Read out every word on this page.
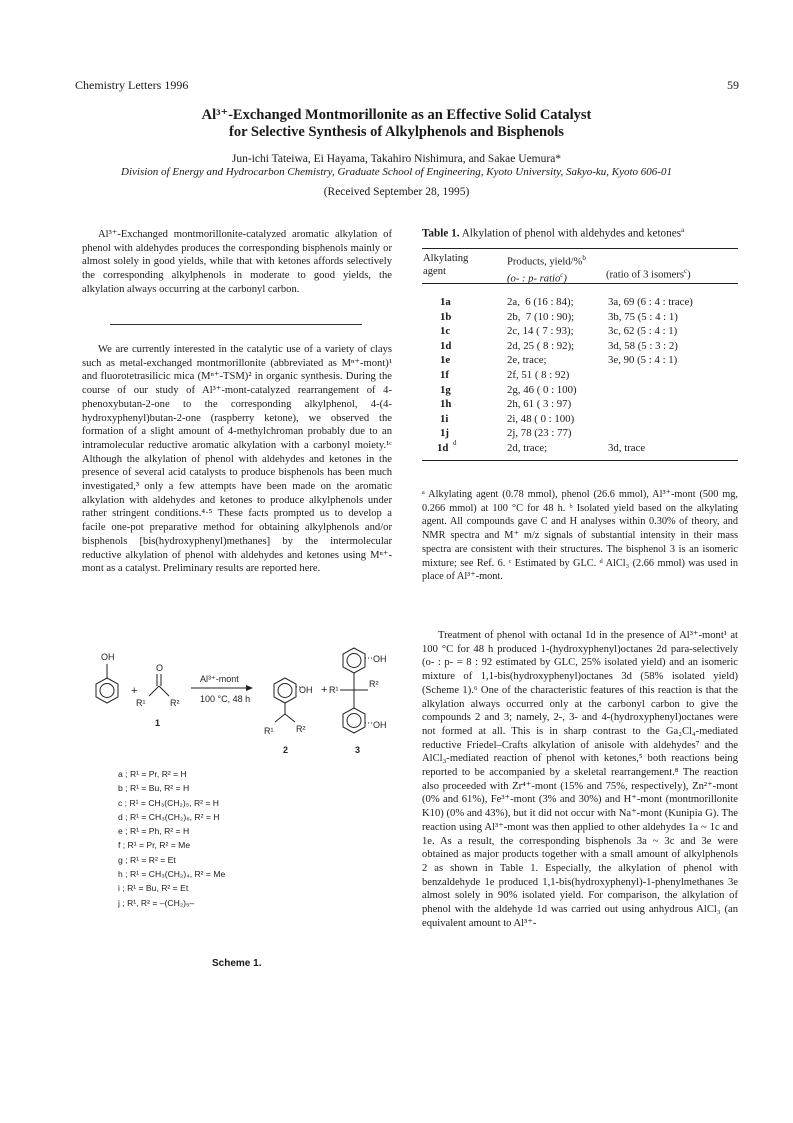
Chemistry Letters 1996	59
Al³⁺-Exchanged Montmorillonite as an Effective Solid Catalyst
for Selective Synthesis of Alkylphenols and Bisphenols
Jun-ichi Tateiwa, Ei Hayama, Takahiro Nishimura, and Sakae Uemura*
Division of Energy and Hydrocarbon Chemistry, Graduate School of Engineering, Kyoto University, Sakyo-ku, Kyoto 606-01
(Received September 28, 1995)

Al³⁺-Exchanged montmorillonite-catalyzed aromatic alkylation of phenol with aldehydes produces the corresponding bisphenols mainly or almost solely in good yields, while that with ketones affords selectively the corresponding alkylphenols in moderate to good yields, the alkylation always occurring at the carbonyl carbon.

We are currently interested in the catalytic use of a variety of clays such as metal-exchanged montmorillonite (abbreviated as Mⁿ⁺-mont)¹ and fluorotetrasilicic mica (Mⁿ⁺-TSM)² in organic synthesis. During the course of our study of Al³⁺-mont-catalyzed rearrangement of 4-phenoxybutan-2-one to the corresponding alkylphenol, 4-(4-hydroxyphenyl)butan-2-one (raspberry ketone), we observed the formation of a slight amount of 4-methylchroman probably due to an intramolecular reductive aromatic alkylation with a carbonyl moiety.¹ᶜ Although the alkylation of phenol with aldehydes and ketones in the presence of several acid catalysts to produce bisphenols has been much investigated,³ only a few attempts have been made on the aromatic alkylation with aldehydes and ketones to produce alkylphenols under rather stringent conditions.⁴·⁵ These facts prompted us to develop a facile one-pot preparative method for obtaining alkylphenols and/or bisphenols [bis(hydroxyphenyl)methanes] by the intermolecular reductive alkylation of phenol with aldehydes and ketones using Mⁿ⁺-mont as a catalyst. Preliminary results are reported here.

OH
+
O
R¹	R²
Al³⁺-mont
100 °C, 48 h
OH +
R¹	R²
OH
OH
R¹
R²
1
2	3
a ; R¹ = Pr, R² = H
b ; R¹ = Bu, R² = H
c ; R¹ = CH₃(CH₂)₅, R² = H
d ; R¹ = CH₃(CH₂)₆, R² = H
e ; R¹ = Ph, R² = H
f ; R¹ = Pr, R² = Me
g ; R¹ = R² = Et
h ; R¹ = CH₃(CH₂)₄, R² = Me
i ; R¹ = Bu, R² = Et
j ; R¹, R² = –(CH₂)₅–
Scheme 1.
Table 1. Alkylation of phenol with aldehydes and ketones$^a$
Alkylating
agent
Products, yield/%$^b$
(o- : p- ratio$^c$)	(ratio of 3 isomers$^c$)
1a	2a,  6 (16 : 84);	3a, 69 (6 : 4 : trace)
1b	2b,  7 (10 : 90);	3b, 75 (5 : 4 : 1)
1c	2c, 14 ( 7 : 93);	3c, 62 (5 : 4 : 1)
1d	2d, 25 ( 8 : 92);	3d, 58 (5 : 3 : 2)
1e	2e, trace;	3e, 90 (5 : 4 : 1)
1f	2f, 51 ( 8 : 92)
1g	2g, 46 ( 0 : 100)
1h	2h, 61 ( 3 : 97)
1i	2i, 48 ( 0 : 100)
1j	2j, 78 (23 : 77)
1d d	2d, trace;	3d, trace
ᵃ Alkylating agent (0.78 mmol), phenol (26.6 mmol), Al³⁺-mont (500 mg, 0.266 mmol) at 100 °C for 48 h. ᵇ Isolated yield based on the alkylating agent. All compounds gave C and H analyses within 0.30% of theory, and NMR spectra and M⁺ m/z signals of substantial intensity in their mass spectra are consistent with their structures. The bisphenol 3 is an isomeric mixture; see Ref. 6. ᶜ Estimated by GLC. ᵈ AlCl₃ (2.66 mmol) was used in place of Al³⁺-mont.

Treatment of phenol with octanal 1d in the presence of Al³⁺-mont¹ at 100 °C for 48 h produced 1-(hydroxyphenyl)octanes 2d para-selectively (o- : p- = 8 : 92 estimated by GLC, 25% isolated yield) and an isomeric mixture of 1,1-bis(hydroxyphenyl)octanes 3d (58% isolated yield) (Scheme 1).⁶ One of the characteristic features of this reaction is that the alkylation always occurred only at the carbonyl carbon to give the compounds 2 and 3; namely, 2-, 3- and 4-(hydroxyphenyl)octanes were not formed at all. This is in sharp contrast to the Ga₂Cl₄-mediated reductive Friedel–Crafts alkylation of anisole with aldehydes⁷ and the AlCl₃-mediated reaction of phenol with ketones,⁵ both reactions being reported to be accompanied by a skeletal rearrangement.⁸ The reaction also proceeded with Zr⁴⁺-mont (15% and 75%, respectively), Zn²⁺-mont (0% and 61%), Fe³⁺-mont (3% and 30%) and H⁺-mont (montmorillonite K10) (0% and 43%), but it did not occur with Na⁺-mont (Kunipia G). The reaction using Al³⁺-mont was then applied to other aldehydes 1a ~ 1c and 1e. As a result, the corresponding bisphenols 3a ~ 3c and 3e were obtained as major products together with a small amount of alkylphenols 2 as shown in Table 1. Especially, the alkylation of phenol with benzaldehyde 1e produced 1,1-bis(hydroxyphenyl)-1-phenylmethanes 3e almost solely in 90% isolated yield. For comparison, the alkylation of phenol with the aldehyde 1d was carried out using anhydrous AlCl₃ (an equivalent amount to Al³⁺-
